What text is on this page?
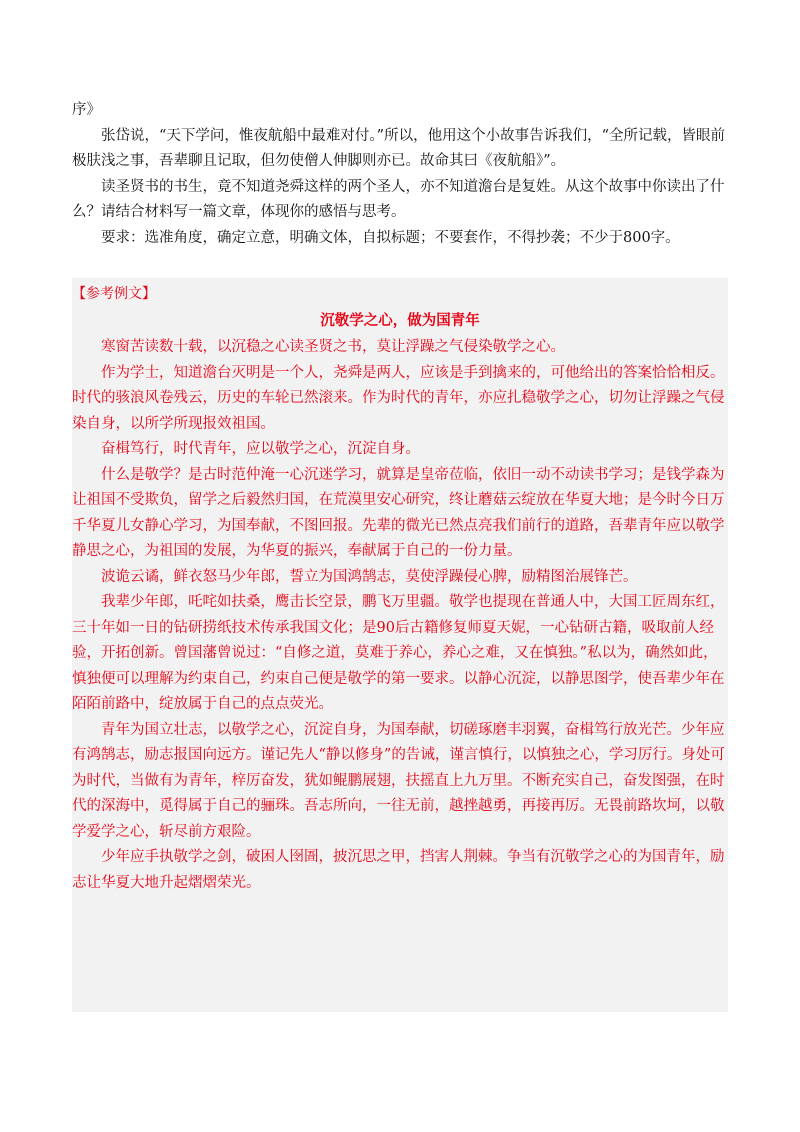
序》

张岱说，“天下学问，惟夜航船中最难对付。”所以，他用这个小故事告诉我们，“全所记载，皆眼前极肤浅之事，吾辈聊且记取，但勿使僧人伸脚则亦已。故命其曰《夜航船》”。

读圣贤书的书生，竟不知道尧舜这样的两个圣人，亦不知道澹台是复姓。从这个故事中你读出了什么？请结合材料写一篇文章，体现你的感悟与思考。

要求：选准角度，确定立意，明确文体，自拟标题；不要套作，不得抄袭；不少于800字。

【参考例文】

沉敬学之心，做为国青年

寒窗苦读数十载，以沉稳之心读圣贤之书，莫让浮躁之气侵染敬学之心。

作为学士，知道澹台灭明是一个人，尧舜是两人，应该是手到擒来的，可他给出的答案恰恰相反。时代的骇浪风卷残云，历史的车轮已然滚来。作为时代的青年，亦应扎稳敬学之心，切勿让浮躁之气侵染自身，以所学所现报效祖国。

奋楫笃行，时代青年，应以敬学之心，沉淀自身。

什么是敬学？是古时范仲淹一心沉迷学习，就算是皇帝莅临，依旧一动不动读书学习；是钱学森为让祖国不受欺负，留学之后毅然归国，在荒漠里安心研究，终让蘑菇云绽放在华夏大地；是今时今日万千华夏儿女静心学习，为国奉献，不图回报。先辈的微光已然点亮我们前行的道路，吾辈青年应以敬学静思之心，为祖国的发展，为华夏的振兴，奉献属于自己的一份力量。

波诡云谲，鲜衣怒马少年郎，誓立为国鸿鹄志，莫使浮躁侵心脾，励精图治展锋芒。

我辈少年郎，吒咤如扶桑，鹰击长空景，鹏飞万里疆。敬学也提现在普通人中，大国工匠周东红，三十年如一日的钻研捞纸技术传承我国文化；是90后古籍修复师夏天妮，一心钻研古籍，吸取前人经验，开拓创新。曾国藩曾说过：“自修之道，莫难于养心，养心之难，又在慎独。”私以为，确然如此，慎独便可以理解为约束自己，约束自己便是敬学的第一要求。以静心沉淀，以静思图学，使吾辈少年在陌陌前路中，绽放属于自己的点点荧光。

青年为国立壮志，以敬学之心，沉淀自身，为国奉献，切磋琢磨丰羽翼，奋楫笃行放光芒。少年应有鸿鹄志，励志报国向远方。谨记先人“静以修身”的告诫，谨言慎行，以慎独之心，学习厉行。身处可为时代，当做有为青年，梓厉奋发，犹如鲲鹏展翅，扶摇直上九万里。不断充实自己，奋发图强，在时代的深海中，觅得属于自己的骊珠。吾志所向，一往无前，越挫越勇，再接再厉。无畏前路坎坷，以敬学爱学之心，斩尽前方艰险。

少年应手执敬学之剑，破困人囹圄，披沉思之甲，挡害人荆棘。争当有沉敬学之心的为国青年，励志让华夏大地升起熠熠荣光。
